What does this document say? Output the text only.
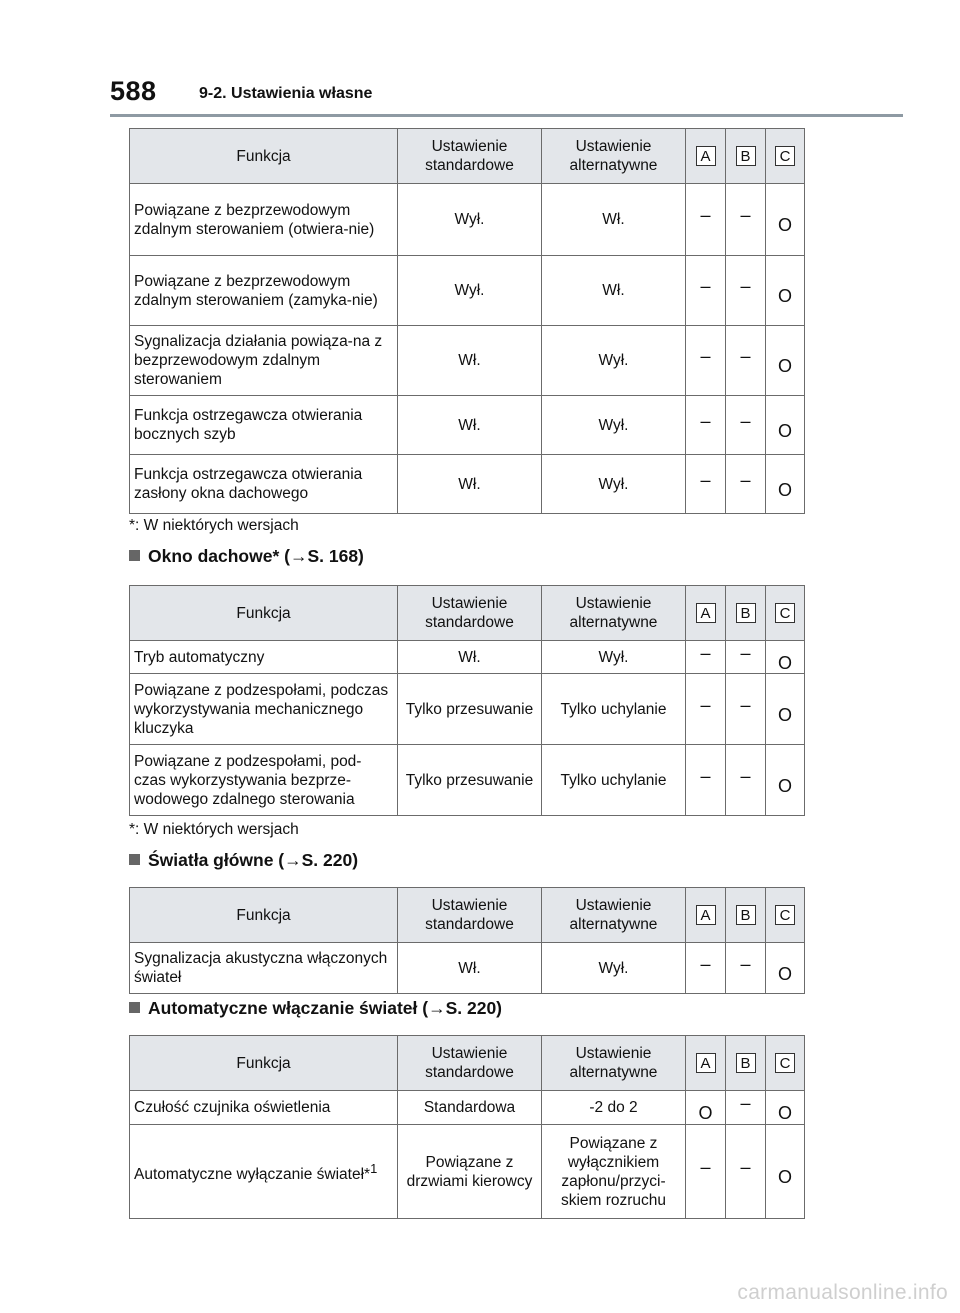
588	9-2. Ustawienia własne
Funkcja	Ustawienie standardowe	Ustawienie alternatywne	A	B	C
Powiązane z bezprzewodowym zdalnym sterowaniem (otwiera-nie)	Wył.	Wł.	–	–	O
Powiązane z bezprzewodowym zdalnym sterowaniem (zamyka-nie)	Wył.	Wł.	–	–	O
Sygnalizacja działania powiąza-na z bezprzewodowym zdalnym sterowaniem	Wł.	Wył.	–	–	O
Funkcja ostrzegawcza otwierania bocznych szyb	Wł.	Wył.	–	–	O
Funkcja ostrzegawcza otwierania zasłony okna dachowego	Wł.	Wył.	–	–	O
*: W niektórych wersjach
Okno dachowe* (→S. 168)
Funkcja	Ustawienie standardowe	Ustawienie alternatywne	A	B	C
Tryb automatyczny	Wł.	Wył.	–	–	O
Powiązane z podzespołami, podczas wykorzystywania mechanicznego kluczyka	Tylko przesuwanie	Tylko uchylanie	–	–	O
Powiązane z podzespołami, pod-czas wykorzystywania bezprze-wodowego zdalnego sterowania	Tylko przesuwanie	Tylko uchylanie	–	–	O
*: W niektórych wersjach
Światła główne (→S. 220)
Funkcja	Ustawienie standardowe	Ustawienie alternatywne	A	B	C
Sygnalizacja akustyczna włączonych świateł	Wł.	Wył.	–	–	O
Automatyczne włączanie świateł (→S. 220)
Funkcja	Ustawienie standardowe	Ustawienie alternatywne	A	B	C
Czułość czujnika oświetlenia	Standardowa	-2 do 2	O	–	O
Automatyczne wyłączanie świateł*$^1$	Powiązane z drzwiami kierowcy	Powiązane z wyłącznikiem zapłonu/przyci-skiem rozruchu	–	–	O
carmanualsonline.info
